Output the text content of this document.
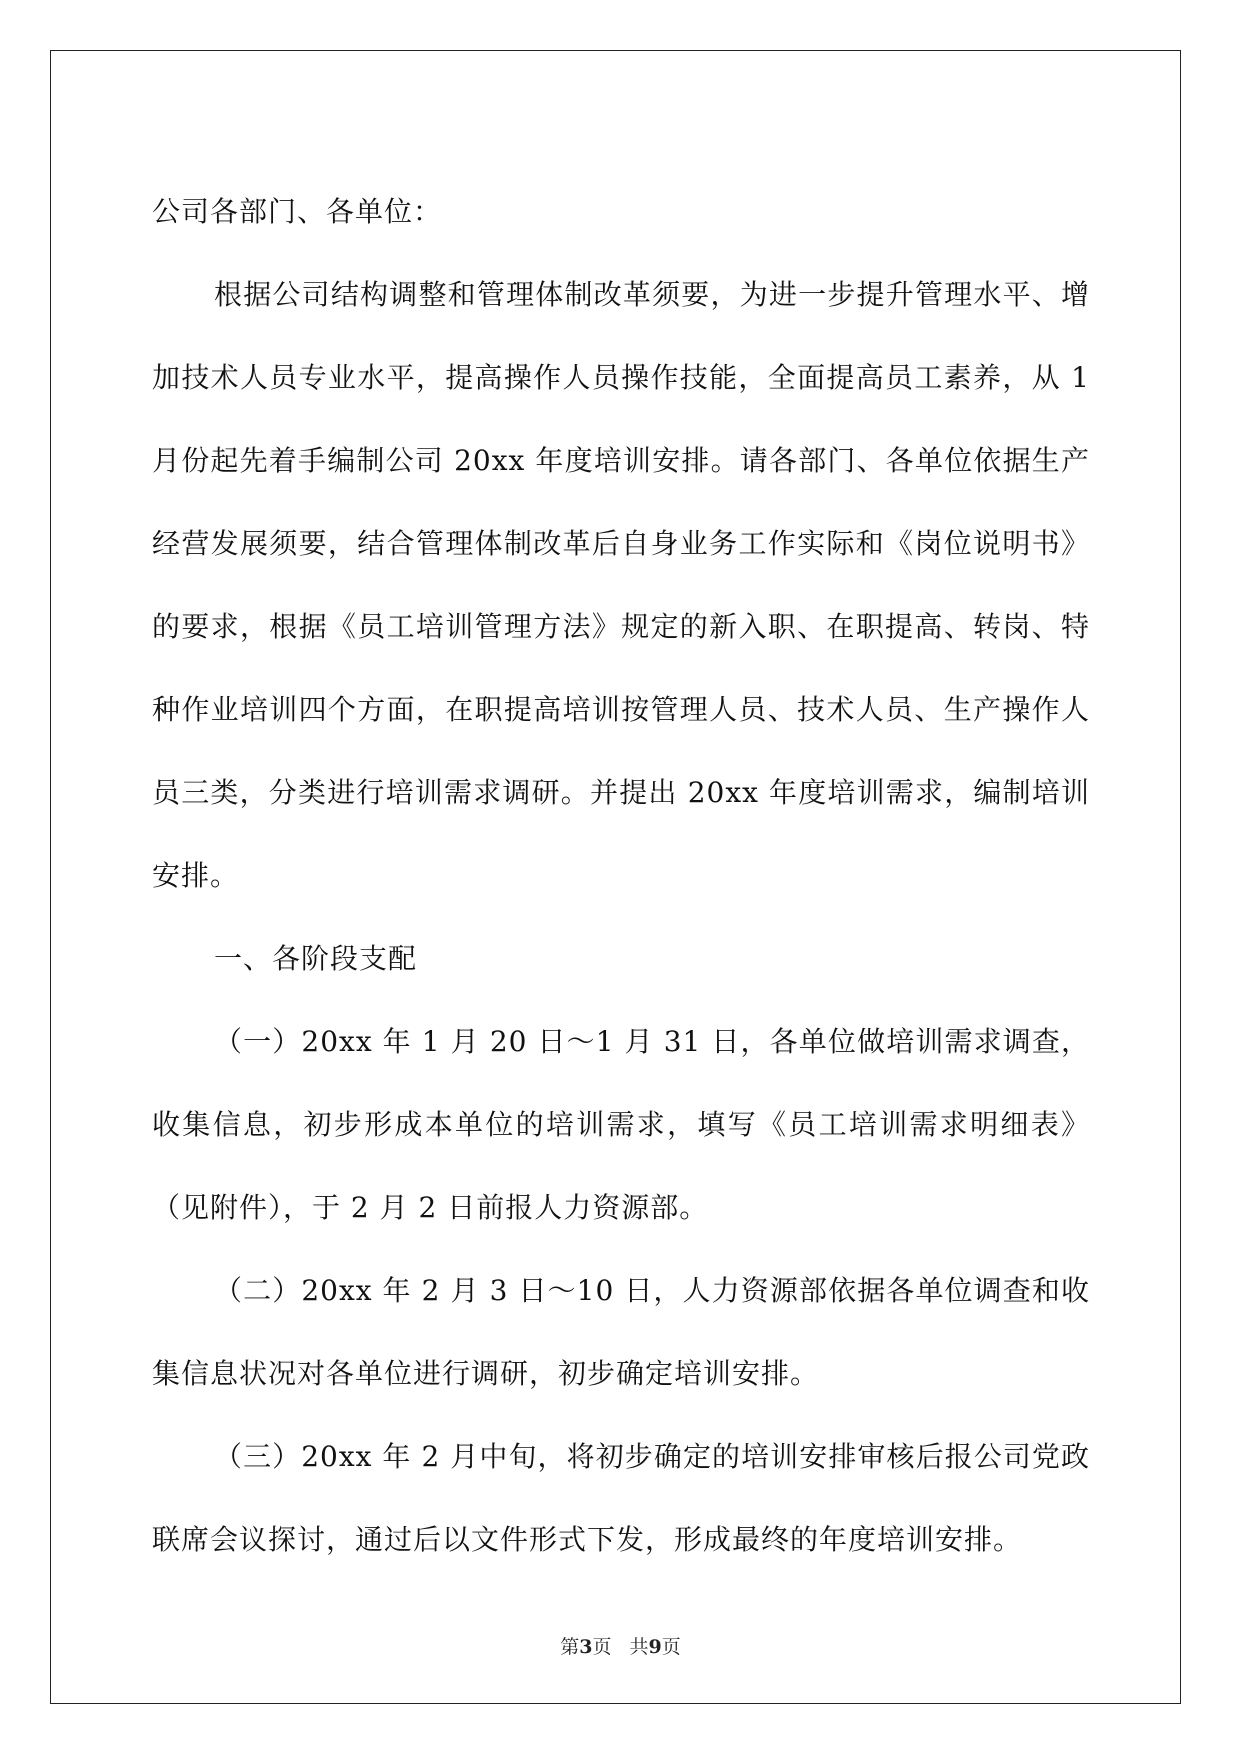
公司各部门、各单位：

根据公司结构调整和管理体制改革须要，为进一步提升管理水平、增加技术人员专业水平，提高操作人员操作技能，全面提高员工素养，从 1 月份起先着手编制公司 20xx 年度培训安排。请各部门、各单位依据生产经营发展须要，结合管理体制改革后自身业务工作实际和《岗位说明书》的要求，根据《员工培训管理方法》规定的新入职、在职提高、转岗、特种作业培训四个方面，在职提高培训按管理人员、技术人员、生产操作人员三类，分类进行培训需求调研。并提出 20xx 年度培训需求，编制培训安排。

一、各阶段支配

（一）20xx 年 1 月 20 日～1 月 31 日，各单位做培训需求调查，收集信息，初步形成本单位的培训需求，填写《员工培训需求明细表》（见附件），于 2 月 2 日前报人力资源部。

（二）20xx 年 2 月 3 日～10 日，人力资源部依据各单位调查和收集信息状况对各单位进行调研，初步确定培训安排。

（三）20xx 年 2 月中旬，将初步确定的培训安排审核后报公司党政联席会议探讨，通过后以文件形式下发，形成最终的年度培训安排。

第3页 共9页
